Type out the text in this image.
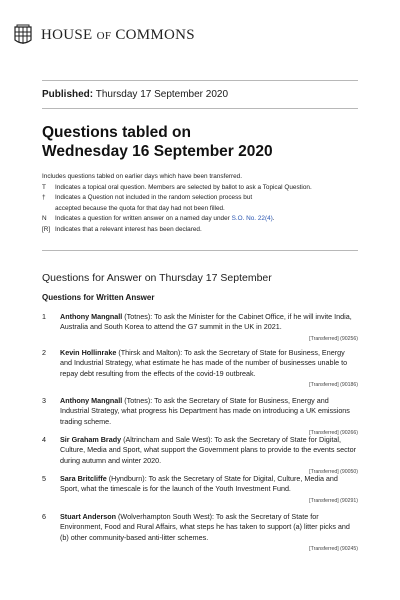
HOUSE OF COMMONS
Published: Thursday 17 September 2020
Questions tabled on
Wednesday 16 September 2020
Includes questions tabled on earlier days which have been transferred.
T	Indicates a topical oral question. Members are selected by ballot to ask a Topical Question.
†	Indicates a Question not included in the random selection process but
accepted because the quota for that day had not been filled.
N	Indicates a question for written answer on a named day under S.O. No. 22(4).
[R] Indicates that a relevant interest has been declared.
Questions for Answer on Thursday 17 September
Questions for Written Answer
1 Anthony Mangnall (Totnes): To ask the Minister for the Cabinet Office, if he will invite India, Australia and South Korea to attend the G7 summit in the UK in 2021.
[Transferred] (90256)
2 Kevin Hollinrake (Thirsk and Malton): To ask the Secretary of State for Business, Energy and Industrial Strategy, what estimate he has made of the number of businesses unable to repay debt resulting from the effects of the covid-19 outbreak.
[Transferred] (90186)
3 Anthony Mangnall (Totnes): To ask the Secretary of State for Business, Energy and Industrial Strategy, what progress his Department has made on introducing a UK emissions trading scheme.
[Transferred] (90266)
4 Sir Graham Brady (Altrincham and Sale West): To ask the Secretary of State for Digital, Culture, Media and Sport, what support the Government plans to provide to the events sector during autumn and winter 2020.
[Transferred] (90050)
5 Sara Britcliffe (Hyndburn): To ask the Secretary of State for Digital, Culture, Media and Sport, what the timescale is for the launch of the Youth Investment Fund.
[Transferred] (90291)
6 Stuart Anderson (Wolverhampton South West): To ask the Secretary of State for Environment, Food and Rural Affairs, what steps he has taken to support (a) litter picks and (b) other community-based anti-litter schemes.
[Transferred] (90245)
